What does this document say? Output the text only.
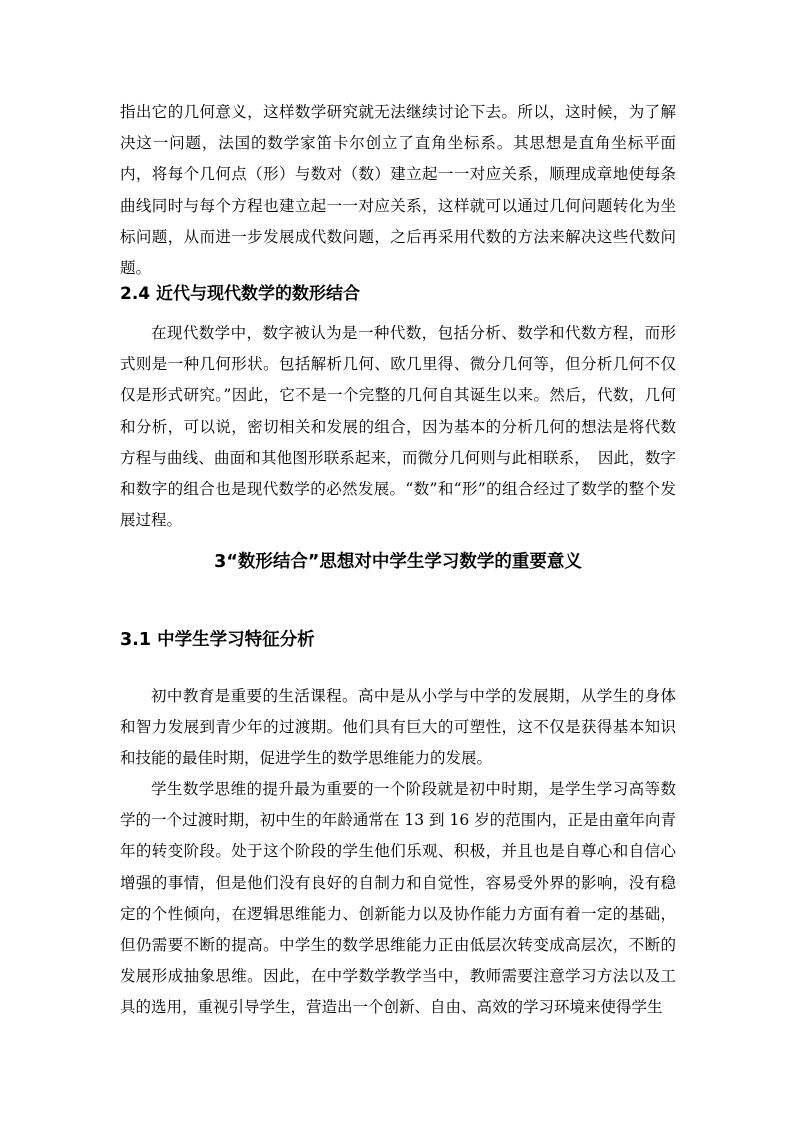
指出它的几何意义，这样数学研究就无法继续讨论下去。所以，这时候，为了解决这一问题，法国的数学家笛卡尔创立了直角坐标系。其思想是直角坐标平面内，将每个几何点（形）与数对（数）建立起一一对应关系，顺理成章地使每条曲线同时与每个方程也建立起一一对应关系，这样就可以通过几何问题转化为坐标问题，从而进一步发展成代数问题，之后再采用代数的方法来解决这些代数问题。

2.4 近代与现代数学的数形结合

在现代数学中，数字被认为是一种代数，包括分析、数学和代数方程，而形式则是一种几何形状。包括解析几何、欧几里得、微分几何等，但分析几何不仅仅是形式研究。”因此，它不是一个完整的几何自其诞生以来。然后，代数，几何和分析，可以说，密切相关和发展的组合，因为基本的分析几何的想法是将代数方程与曲线、曲面和其他图形联系起来，而微分几何则与此相联系，　因此，数字和数字的组合也是现代数学的必然发展。“数”和“形”的组合经过了数学的整个发展过程。

3“数形结合”思想对中学生学习数学的重要意义
3.1 中学生学习特征分析

初中教育是重要的生活课程。高中是从小学与中学的发展期，从学生的身体和智力发展到青少年的过渡期。他们具有巨大的可塑性，这不仅是获得基本知识和技能的最佳时期，促进学生的数学思维能力的发展。

学生数学思维的提升最为重要的一个阶段就是初中时期，是学生学习高等数学的一个过渡时期，初中生的年龄通常在 13 到 16 岁的范围内，正是由童年向青年的转变阶段。处于这个阶段的学生他们乐观、积极，并且也是自尊心和自信心增强的事情，但是他们没有良好的自制力和自觉性，容易受外界的影响，没有稳定的个性倾向，在逻辑思维能力、创新能力以及协作能力方面有着一定的基础，但仍需要不断的提高。中学生的数学思维能力正由低层次转变成高层次，不断的发展形成抽象思维。因此，在中学数学教学当中，教师需要注意学习方法以及工具的选用，重视引导学生，营造出一个创新、自由、高效的学习环境来使得学生
